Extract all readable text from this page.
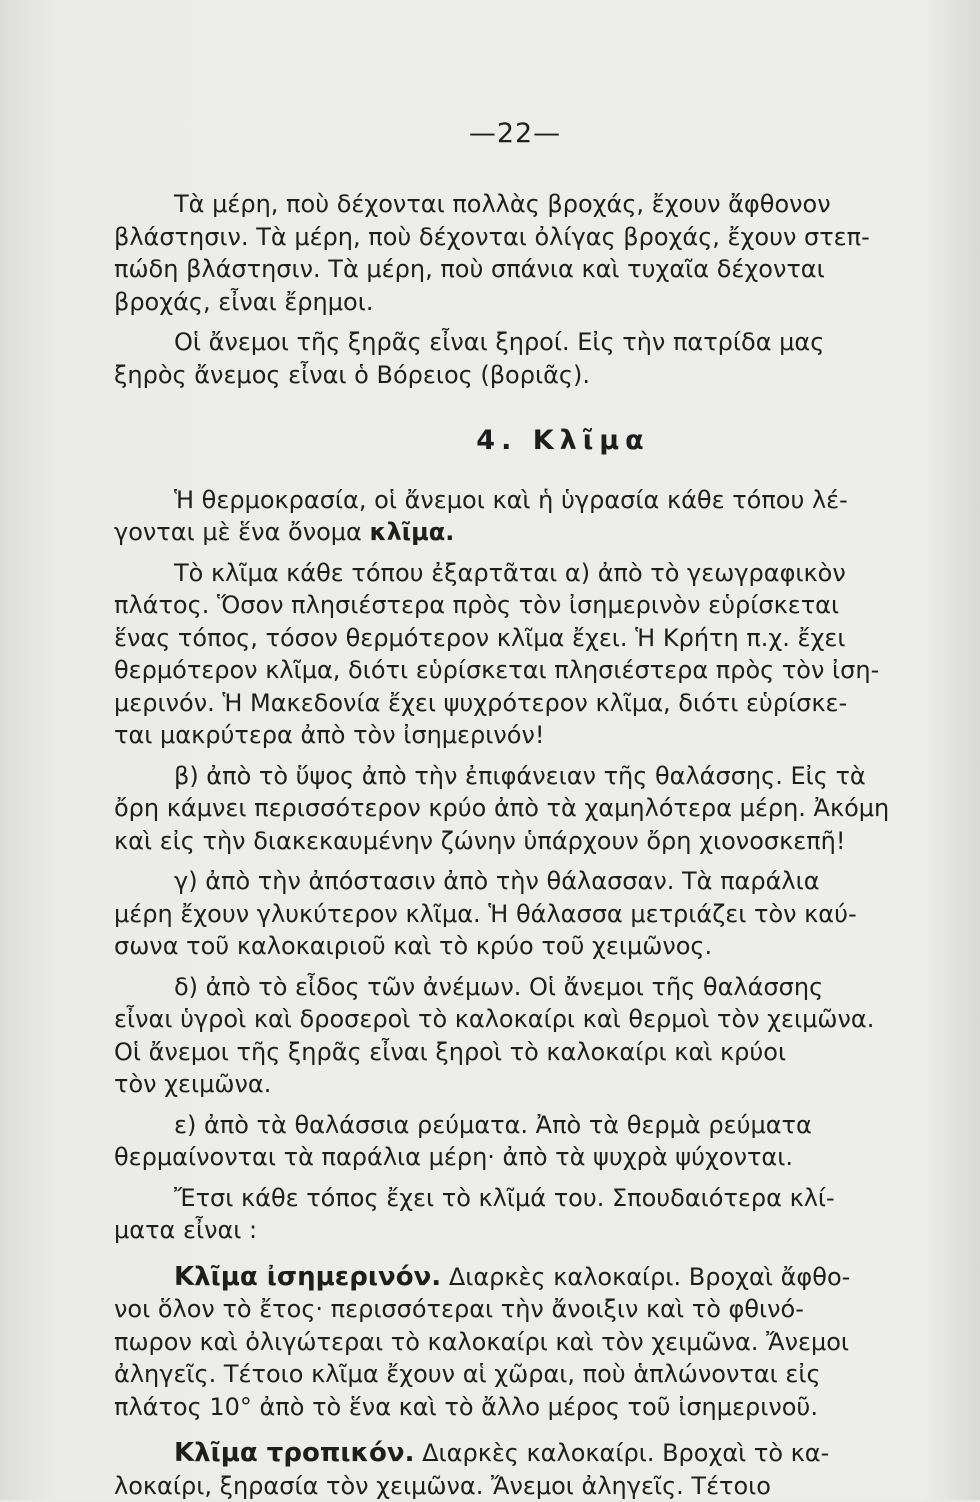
—22—
Τὰ μέρη, ποὺ δέχονται πολλὰς βροχάς, ἔχουν ἄφθονον
βλάστησιν. Τὰ μέρη, ποὺ δέχονται ὀλίγας βροχάς, ἔχουν στεπ-
πώδη βλάστησιν. Τὰ μέρη, ποὺ σπάνια καὶ τυχαῖα δέχονται
βροχάς, εἶναι ἔρημοι.
Οἱ ἄνεμοι τῆς ξηρᾶς εἶναι ξηροί. Εἰς τὴν πατρίδα μας
ξηρὸς ἄνεμος εἶναι ὁ Βόρειος (βοριᾶς).
4. Κλῖμα
Ἡ θερμοκρασία, οἱ ἄνεμοι καὶ ἡ ὑγρασία κάθε τόπου λέ-
γονται μὲ ἕνα ὄνομα κλῖμα.
Τὸ κλῖμα κάθε τόπου ἐξαρτᾶται α) ἀπὸ τὸ γεωγραφικὸν
πλάτος. Ὅσον πλησιέστερα πρὸς τὸν ἰσημερινὸν εὑρίσκεται
ἕνας τόπος, τόσον θερμότερον κλῖμα ἔχει. Ἡ Κρήτη π.χ. ἔχει
θερμότερον κλῖμα, διότι εὑρίσκεται πλησιέστερα πρὸς τὸν ἰση-
μερινόν. Ἡ Μακεδονία ἔχει ψυχρότερον κλῖμα, διότι εὑρίσκε-
ται μακρύτερα ἀπὸ τὸν ἰσημερινόν!
β) ἀπὸ τὸ ὕψος ἀπὸ τὴν ἐπιφάνειαν τῆς θαλάσσης. Εἰς τὰ
ὄρη κάμνει περισσότερον κρύο ἀπὸ τὰ χαμηλότερα μέρη. Ἀκόμη
καὶ εἰς τὴν διακεκαυμένην ζώνην ὑπάρχουν ὄρη χιονοσκεπῆ!
γ) ἀπὸ τὴν ἀπόστασιν ἀπὸ τὴν θάλασσαν. Τὰ παράλια
μέρη ἔχουν γλυκύτερον κλῖμα. Ἡ θάλασσα μετριάζει τὸν καύ-
σωνα τοῦ καλοκαιριοῦ καὶ τὸ κρύο τοῦ χειμῶνος.
δ) ἀπὸ τὸ εἶδος τῶν ἀνέμων. Οἱ ἄνεμοι τῆς θαλάσσης
εἶναι ὑγροὶ καὶ δροσεροὶ τὸ καλοκαίρι καὶ θερμοὶ τὸν χειμῶνα.
Οἱ ἄνεμοι τῆς ξηρᾶς εἶναι ξηροὶ τὸ καλοκαίρι καὶ κρύοι
τὸν χειμῶνα.
ε) ἀπὸ τὰ θαλάσσια ρεύματα. Ἀπὸ τὰ θερμὰ ρεύματα
θερμαίνονται τὰ παράλια μέρη· ἀπὸ τὰ ψυχρὰ ψύχονται.
Ἔτσι κάθε τόπος ἔχει τὸ κλῖμά του. Σπουδαιότερα κλί-
ματα εἶναι :
Κλῖμα ἰσημερινόν. Διαρκὲς καλοκαίρι. Βροχαὶ ἄφθο-
νοι ὅλον τὸ ἔτος· περισσότεραι τὴν ἄνοιξιν καὶ τὸ φθινό-
πωρον καὶ ὀλιγώτεραι τὸ καλοκαίρι καὶ τὸν χειμῶνα. Ἄνεμοι
ἀληγεῖς. Τέτοιο κλῖμα ἔχουν αἱ χῶραι, ποὺ ἁπλώνονται εἰς
πλάτος 10° ἀπὸ τὸ ἕνα καὶ τὸ ἄλλο μέρος τοῦ ἰσημερινοῦ.
Κλῖμα τροπικόν. Διαρκὲς καλοκαίρι. Βροχαὶ τὸ κα-
λοκαίρι, ξηρασία τὸν χειμῶνα. Ἄνεμοι ἀληγεῖς. Τέτοιο
